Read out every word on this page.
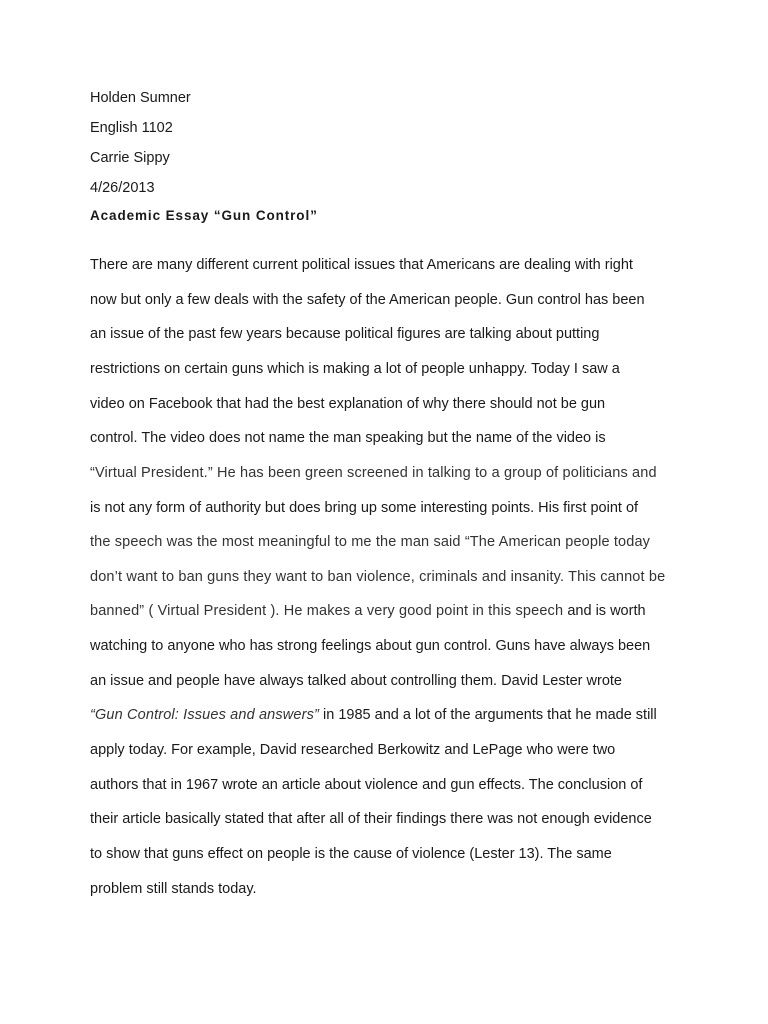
Holden Sumner
English 1102
Carrie Sippy
4/26/2013
Academic Essay “Gun Control”
There are many different current political issues that Americans are dealing with right
now but only a few deals with the safety of the American people. Gun control has been
an issue of the past few years because political figures are talking about putting
restrictions on certain guns which is making a lot of people unhappy. Today I saw a
video on Facebook that had the best explanation of why there should not be gun
control. The video does not name the man speaking but the name of the video is
“Virtual President.” He has been green screened in talking to a group of politicians and
is not any form of authority but does bring up some interesting points. His first point of
the speech was the most meaningful to me the man said “The American people today
don’t want to ban guns they want to ban violence, criminals and insanity. This cannot be
banned” ( Virtual President ). He makes a very good point in this speech and is worth
watching to anyone who has strong feelings about gun control. Guns have always been
an issue and people have always talked about controlling them. David Lester wrote
“Gun Control: Issues and answers” in 1985 and a lot of the arguments that he made still
apply today. For example, David researched Berkowitz and LePage who were two
authors that in 1967 wrote an article about violence and gun effects. The conclusion of
their article basically stated that after all of their findings there was not enough evidence
to show that guns effect on people is the cause of violence (Lester 13). The same
problem still stands today.
